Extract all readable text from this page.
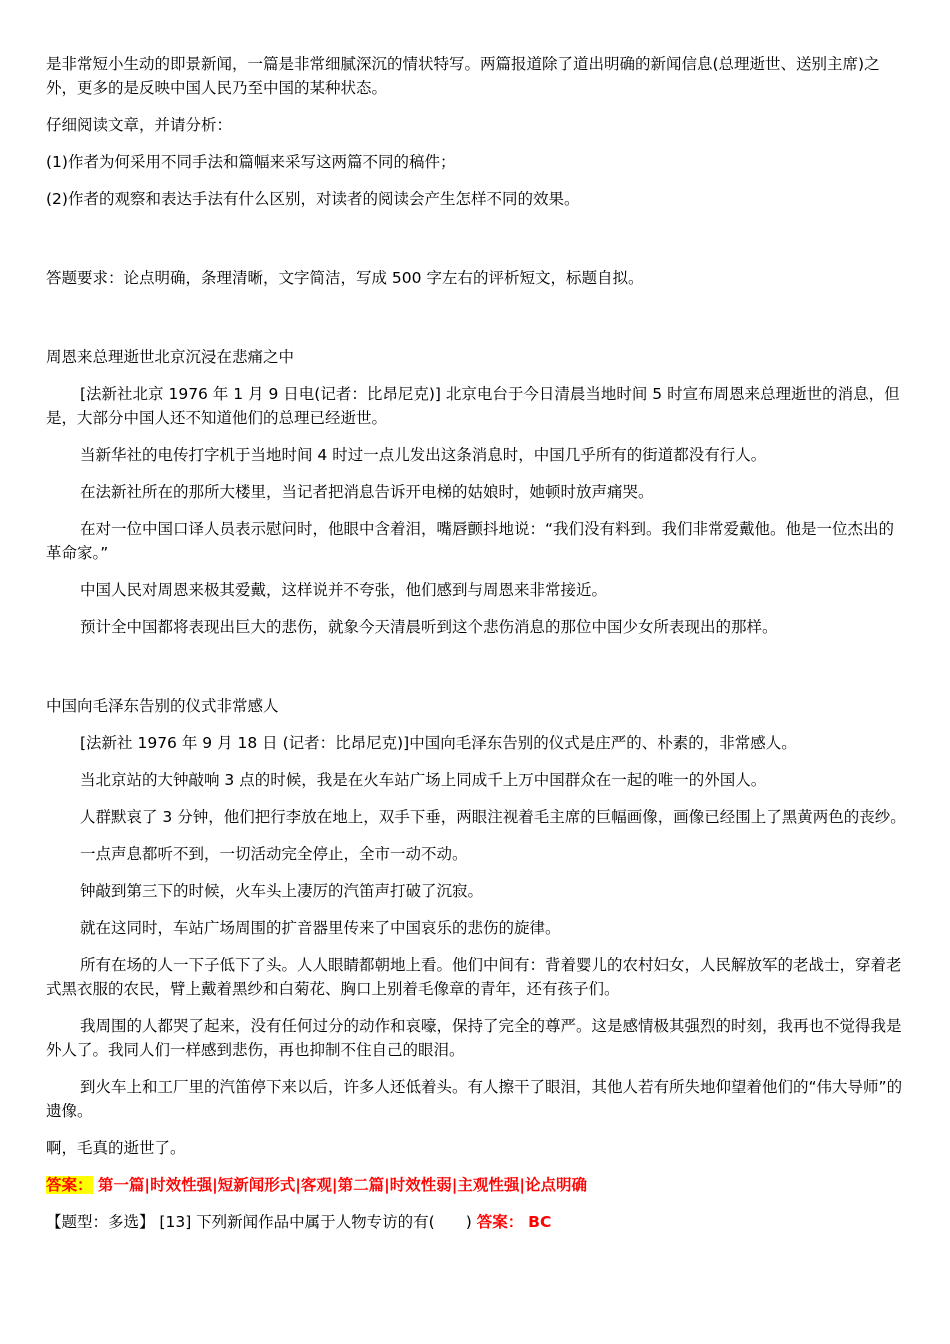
是非常短小生动的即景新闻，一篇是非常细腻深沉的情状特写。两篇报道除了道出明确的新闻信息(总理逝世、送别主席)之外，更多的是反映中国人民乃至中国的某种状态。

仔细阅读文章，并请分析：

(1)作者为何采用不同手法和篇幅来采写这两篇不同的稿件；

(2)作者的观察和表达手法有什么区别，对读者的阅读会产生怎样不同的效果。

答题要求：论点明确，条理清晰，文字简洁，写成 500 字左右的评析短文，标题自拟。

周恩来总理逝世北京沉浸在悲痛之中

[法新社北京 1976 年 1 月 9 日电(记者：比昂尼克)] 北京电台于今日清晨当地时间 5 时宣布周恩来总理逝世的消息，但是，大部分中国人还不知道他们的总理已经逝世。

当新华社的电传打字机于当地时间 4 时过一点儿发出这条消息时，中国几乎所有的街道都没有行人。

在法新社所在的那所大楼里，当记者把消息告诉开电梯的姑娘时，她顿时放声痛哭。

在对一位中国口译人员表示慰问时，他眼中含着泪，嘴唇颤抖地说：“我们没有料到。我们非常爱戴他。他是一位杰出的革命家。”

中国人民对周恩来极其爱戴，这样说并不夸张，他们感到与周恩来非常接近。

预计全中国都将表现出巨大的悲伤，就象今天清晨听到这个悲伤消息的那位中国少女所表现出的那样。

中国向毛泽东告别的仪式非常感人

[法新社 1976 年 9 月 18 日 (记者：比昂尼克)]中国向毛泽东告别的仪式是庄严的、朴素的，非常感人。

当北京站的大钟敲响 3 点的时候，我是在火车站广场上同成千上万中国群众在一起的唯一的外国人。

人群默哀了 3 分钟，他们把行李放在地上，双手下垂，两眼注视着毛主席的巨幅画像，画像已经围上了黑黄两色的丧纱。

一点声息都听不到，一切活动完全停止，全市一动不动。

钟敲到第三下的时候，火车头上凄厉的汽笛声打破了沉寂。

就在这同时，车站广场周围的扩音器里传来了中国哀乐的悲伤的旋律。

所有在场的人一下子低下了头。人人眼睛都朝地上看。他们中间有：背着婴儿的农村妇女，人民解放军的老战士，穿着老式黑衣服的农民，臂上戴着黑纱和白菊花、胸口上别着毛像章的青年，还有孩子们。

我周围的人都哭了起来，没有任何过分的动作和哀嚎，保持了完全的尊严。这是感情极其强烈的时刻，我再也不觉得我是外人了。我同人们一样感到悲伤，再也抑制不住自己的眼泪。

到火车上和工厂里的汽笛停下来以后，许多人还低着头。有人擦干了眼泪，其他人若有所失地仰望着他们的“伟大导师”的遗像。

啊，毛真的逝世了。

答案： 第一篇|时效性强|短新闻形式|客观|第二篇|时效性弱|主观性强|论点明确

【题型：多选】 [13] 下列新闻作品中属于人物专访的有(　　) 答案： BC
